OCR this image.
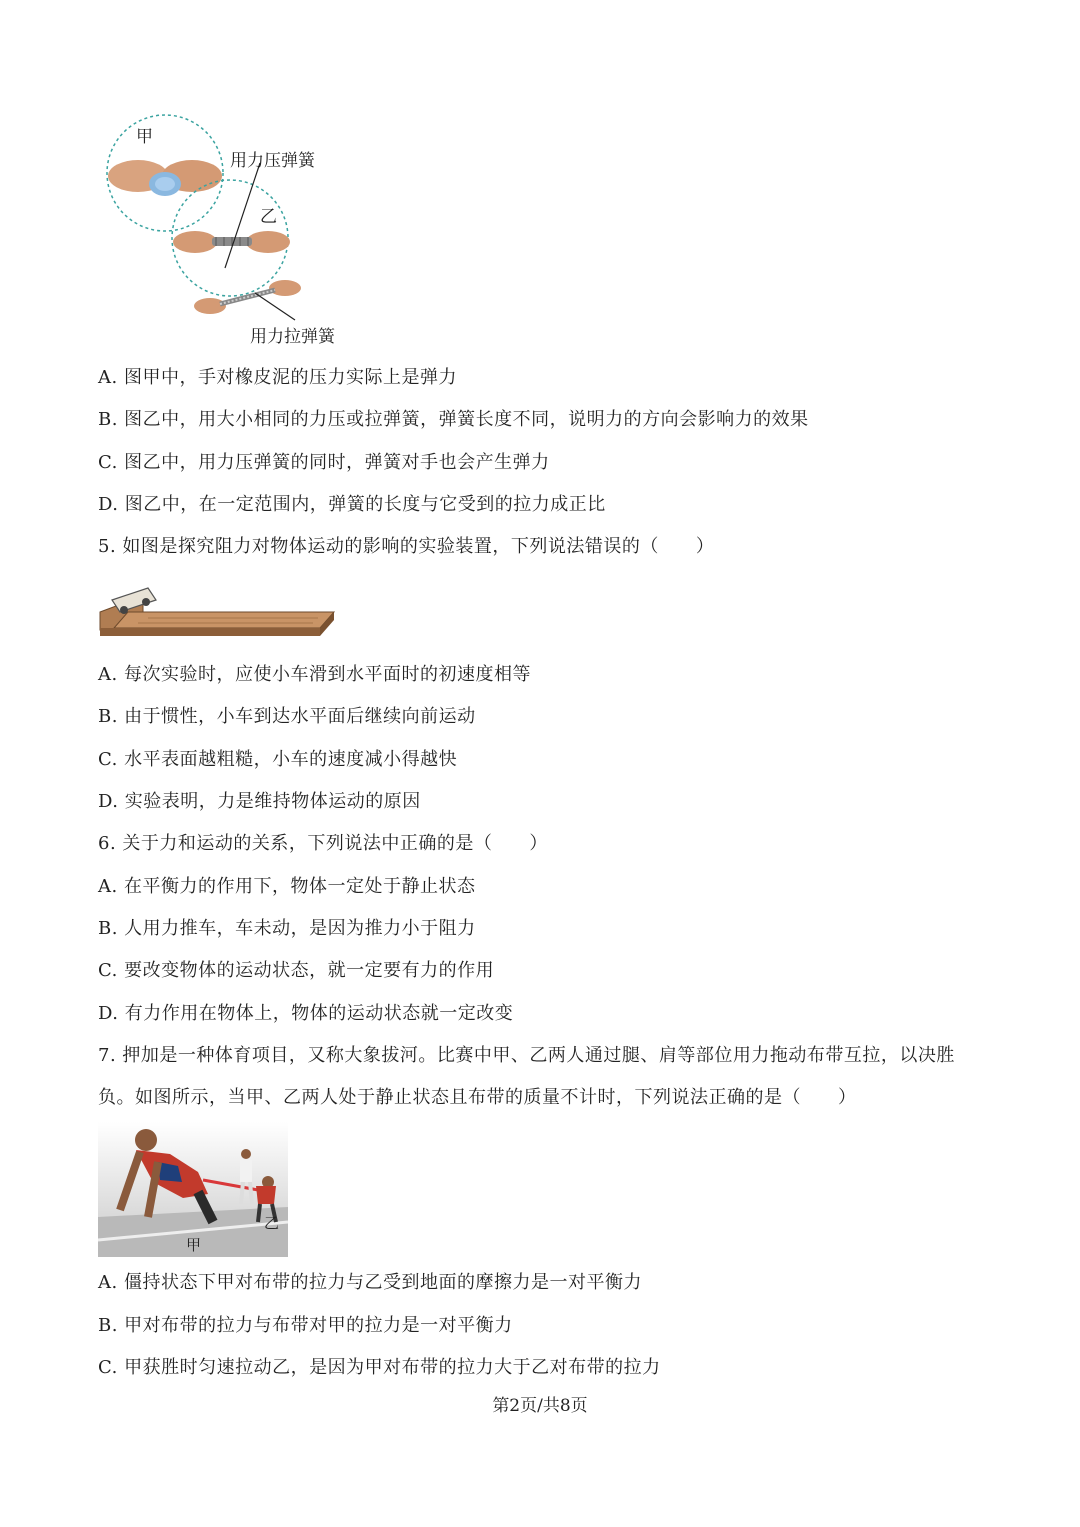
甲
乙
用力压弹簧
用力拉弹簧
A. 图甲中，手对橡皮泥的压力实际上是弹力
B. 图乙中，用大小相同的力压或拉弹簧，弹簧长度不同，说明力的方向会影响力的效果
C. 图乙中，用力压弹簧的同时，弹簧对手也会产生弹力
D. 图乙中，在一定范围内，弹簧的长度与它受到的拉力成正比
5. 如图是探究阻力对物体运动的影响的实验装置，下列说法错误的（　　）
A. 每次实验时，应使小车滑到水平面时的初速度相等
B. 由于惯性，小车到达水平面后继续向前运动
C. 水平表面越粗糙，小车的速度减小得越快
D. 实验表明，力是维持物体运动的原因
6. 关于力和运动的关系，下列说法中正确的是（　　）
A. 在平衡力的作用下，物体一定处于静止状态
B. 人用力推车，车未动，是因为推力小于阻力
C. 要改变物体的运动状态，就一定要有力的作用
D. 有力作用在物体上，物体的运动状态就一定改变
7. 押加是一种体育项目，又称大象拔河。比赛中甲、乙两人通过腿、肩等部位用力拖动布带互拉，以决胜
负。如图所示，当甲、乙两人处于静止状态且布带的质量不计时，下列说法正确的是（　　）
甲
乙
A. 僵持状态下甲对布带的拉力与乙受到地面的摩擦力是一对平衡力
B. 甲对布带的拉力与布带对甲的拉力是一对平衡力
C. 甲获胜时匀速拉动乙，是因为甲对布带的拉力大于乙对布带的拉力
第2页/共8页
